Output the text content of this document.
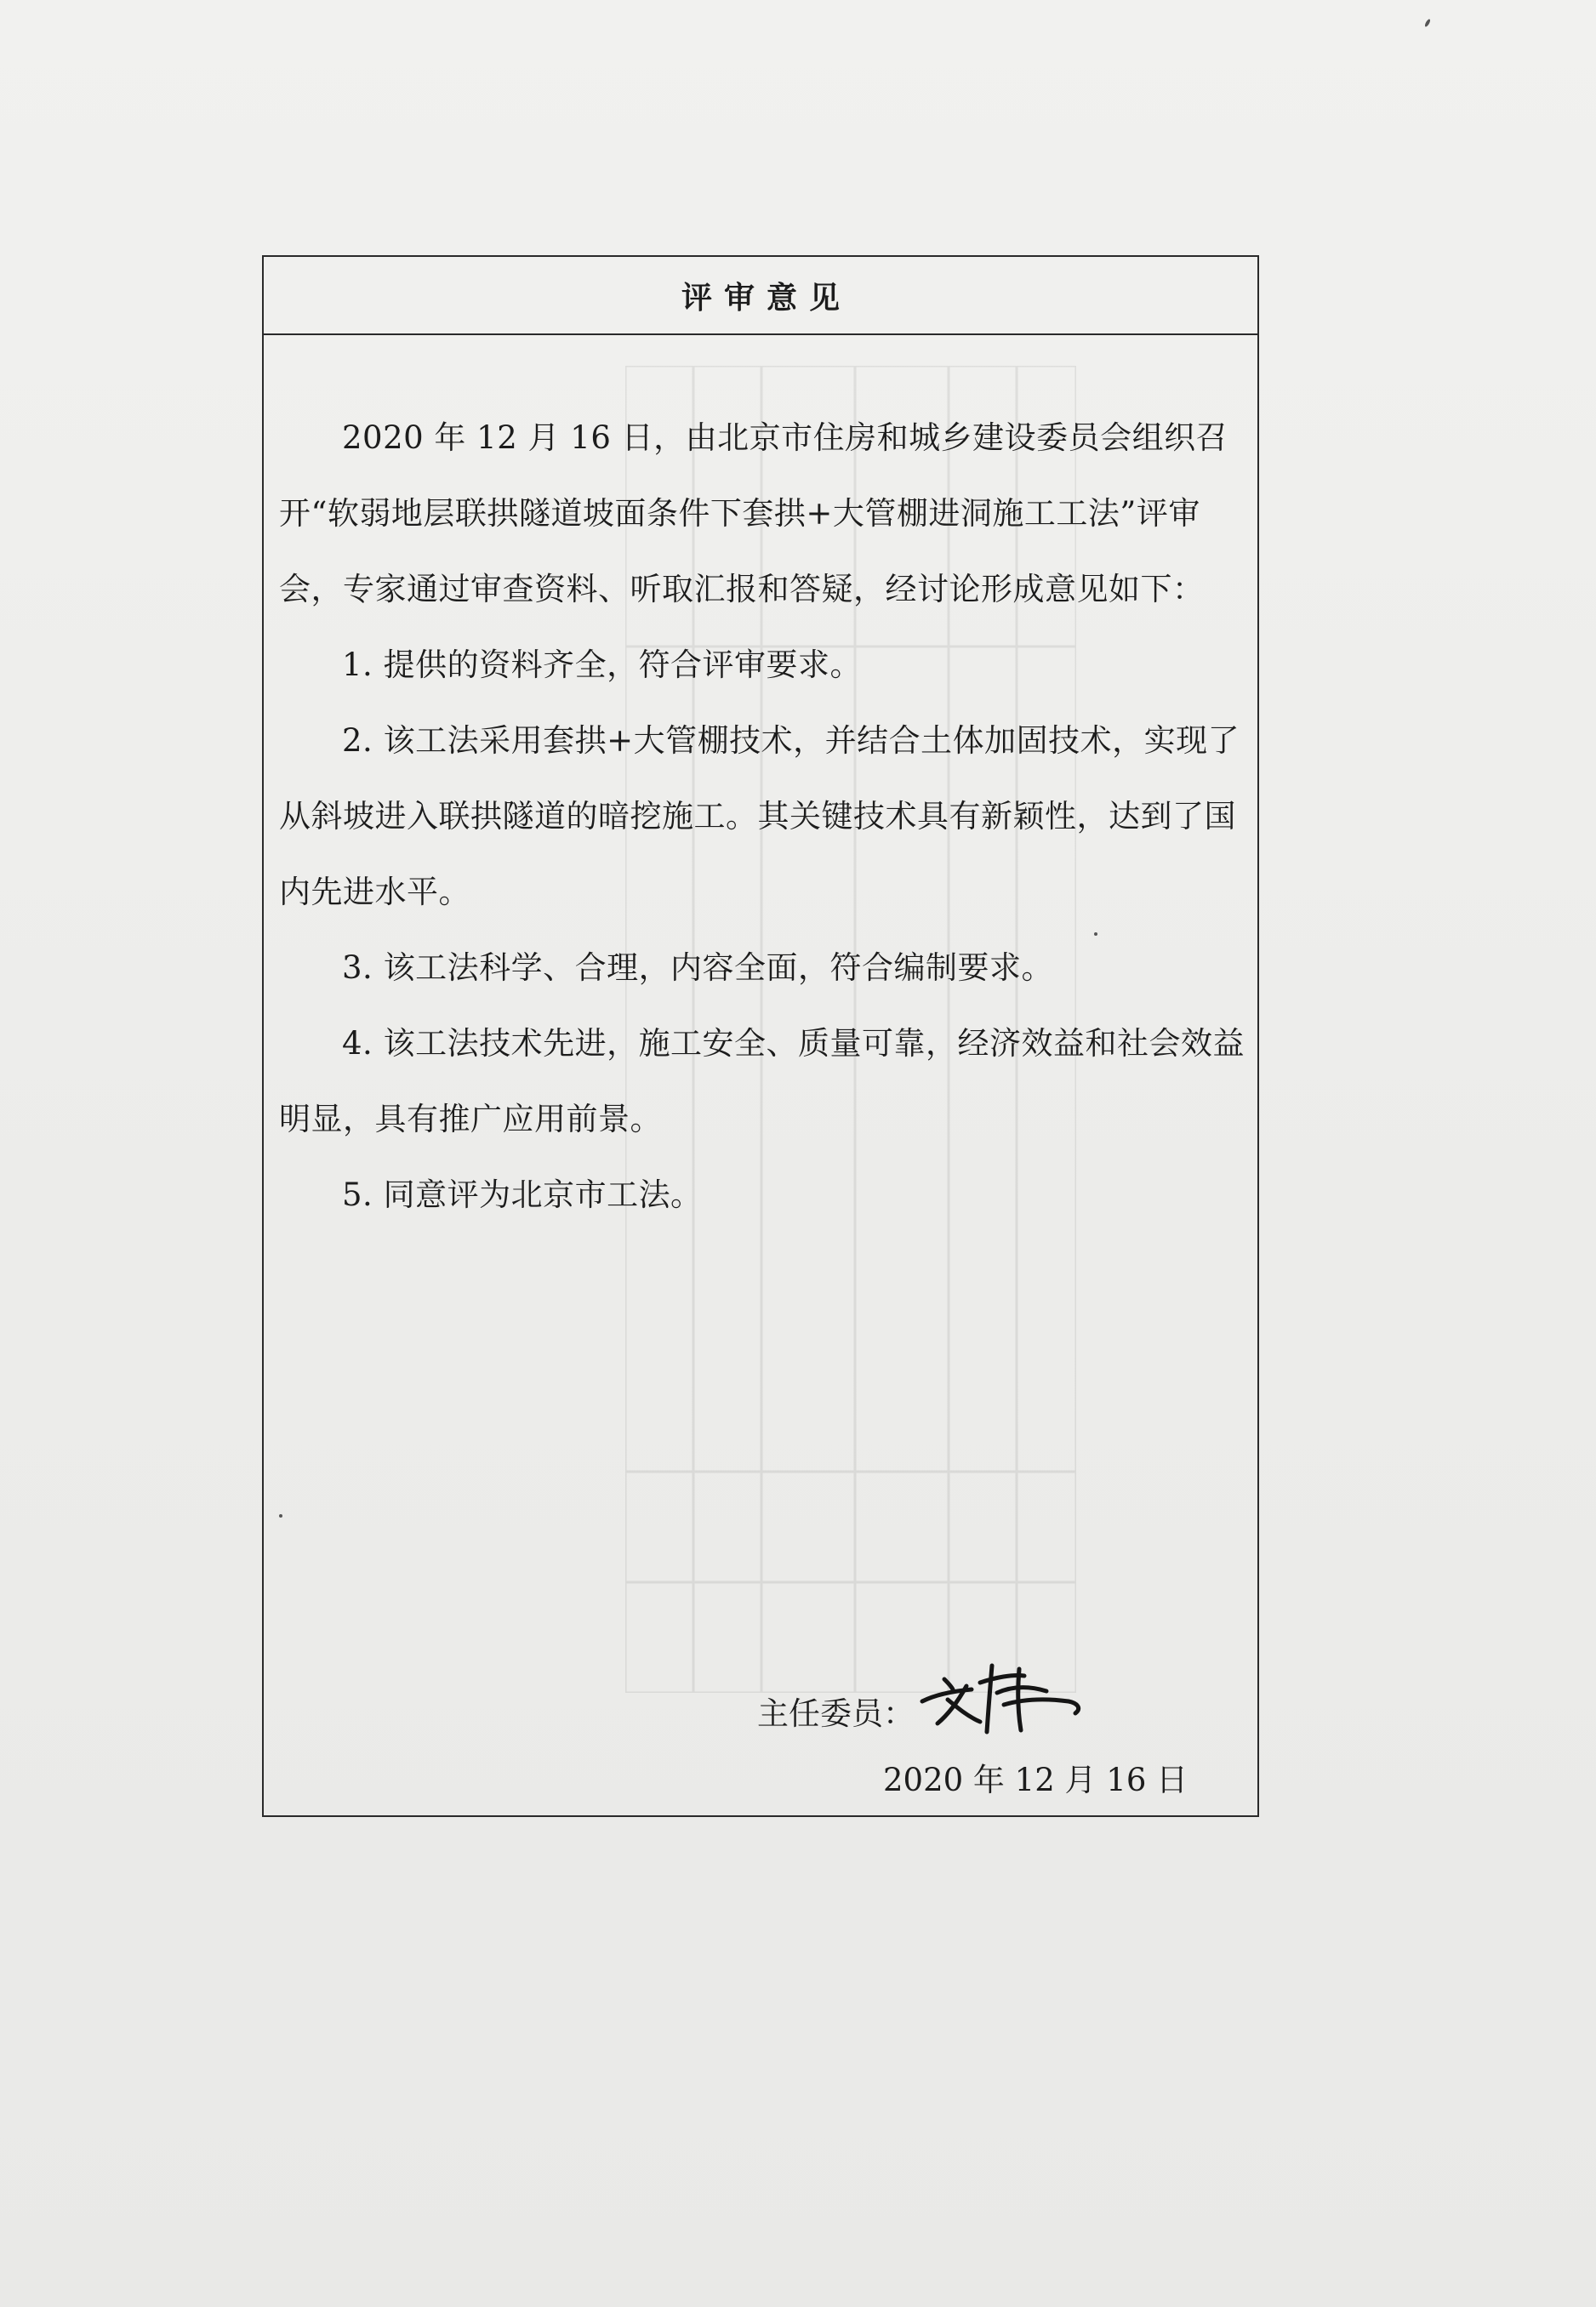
评审意见

2020 年 12 月 16 日，由北京市住房和城乡建设委员会组织召开“软弱地层联拱隧道坡面条件下套拱+大管棚进洞施工工法”评审会，专家通过审查资料、听取汇报和答疑，经讨论形成意见如下：

1. 提供的资料齐全，符合评审要求。

2. 该工法采用套拱+大管棚技术，并结合土体加固技术，实现了从斜坡进入联拱隧道的暗挖施工。其关键技术具有新颖性，达到了国内先进水平。

3. 该工法科学、合理，内容全面，符合编制要求。

4. 该工法技术先进，施工安全、质量可靠，经济效益和社会效益明显，具有推广应用前景。

5. 同意评为北京市工法。

主任委员：
2020 年 12 月 16 日
